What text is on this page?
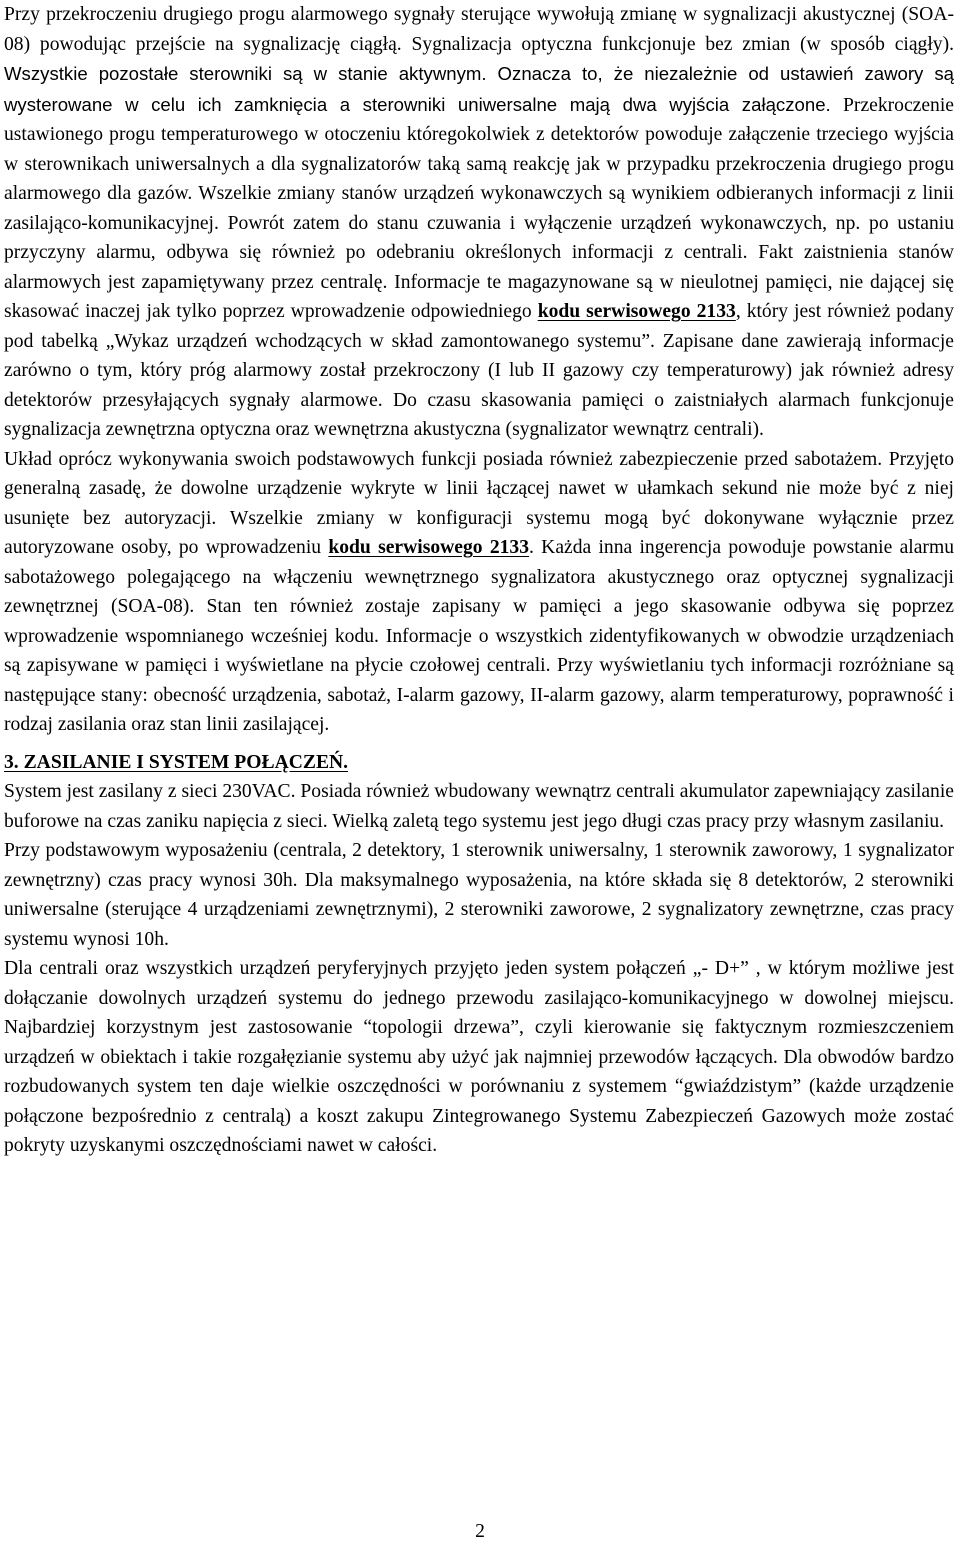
Przy przekroczeniu drugiego progu alarmowego sygnały sterujące wywołują zmianę w sygnalizacji akustycznej (SOA-08) powodując przejście na sygnalizację ciągłą. Sygnalizacja optyczna funkcjonuje bez zmian (w sposób ciągły). Wszystkie pozostałe sterowniki są w stanie aktywnym. Oznacza to, że niezależnie od ustawień zawory są wysterowane w celu ich zamknięcia a sterowniki uniwersalne mają dwa wyjścia załączone. Przekroczenie ustawionego progu temperaturowego w otoczeniu któregokolwiek z detektorów powoduje załączenie trzeciego wyjścia w sterownikach uniwersalnych a dla sygnalizatorów taką samą reakcję jak w przypadku przekroczenia drugiego progu alarmowego dla gazów. Wszelkie zmiany stanów urządzeń wykonawczych są wynikiem odbieranych informacji z linii zasilająco-komunikacyjnej. Powrót zatem do stanu czuwania i wyłączenie urządzeń wykonawczych, np. po ustaniu przyczyny alarmu, odbywa się również po odebraniu określonych informacji z centrali. Fakt zaistnienia stanów alarmowych jest zapamiętywany przez centralę. Informacje te magazynowane są w nieulotnej pamięci, nie dającej się skasować inaczej jak tylko poprzez wprowadzenie odpowiedniego kodu serwisowego 2133, który jest również podany pod tabelką „Wykaz urządzeń wchodzących w skład zamontowanego systemu”. Zapisane dane zawierają informacje zarówno o tym, który próg alarmowy został przekroczony (I lub II gazowy czy temperaturowy) jak również adresy detektorów przesyłających sygnały alarmowe. Do czasu skasowania pamięci o zaistniałych alarmach funkcjonuje sygnalizacja zewnętrzna optyczna oraz wewnętrzna akustyczna (sygnalizator wewnątrz centrali).

Układ oprócz wykonywania swoich podstawowych funkcji posiada również zabezpieczenie przed sabotażem. Przyjęto generalną zasadę, że dowolne urządzenie wykryte w linii łączącej nawet w ułamkach sekund nie może być z niej usunięte bez autoryzacji. Wszelkie zmiany w konfiguracji systemu mogą być dokonywane wyłącznie przez autoryzowane osoby, po wprowadzeniu kodu serwisowego 2133. Każda inna ingerencja powoduje powstanie alarmu sabotażowego polegającego na włączeniu wewnętrznego sygnalizatora akustycznego oraz optycznej sygnalizacji zewnętrznej (SOA-08). Stan ten również zostaje zapisany w pamięci a jego skasowanie odbywa się poprzez wprowadzenie wspomnianego wcześniej kodu. Informacje o wszystkich zidentyfikowanych w obwodzie urządzeniach są zapisywane w pamięci i wyświetlane na płycie czołowej centrali. Przy wyświetlaniu tych informacji rozróżniane są następujące stany: obecność urządzenia, sabotaż, I-alarm gazowy, II-alarm gazowy, alarm temperaturowy, poprawność i rodzaj zasilania oraz stan linii zasilającej.

3. ZASILANIE I SYSTEM POŁĄCZEŃ.

System jest zasilany z sieci 230VAC. Posiada również wbudowany wewnątrz centrali akumulator zapewniający zasilanie buforowe na czas zaniku napięcia z sieci. Wielką zaletą tego systemu jest jego długi czas pracy przy własnym zasilaniu.

Przy podstawowym wyposażeniu (centrala, 2 detektory, 1 sterownik uniwersalny, 1 sterownik zaworowy, 1 sygnalizator zewnętrzny) czas pracy wynosi 30h. Dla maksymalnego wyposażenia, na które składa się 8 detektorów, 2 sterowniki uniwersalne (sterujące 4 urządzeniami zewnętrznymi), 2 sterowniki zaworowe, 2 sygnalizatory zewnętrzne, czas pracy systemu wynosi 10h.

Dla centrali oraz wszystkich urządzeń peryferyjnych przyjęto jeden system połączeń „- D+” , w którym możliwe jest dołączanie dowolnych urządzeń systemu do jednego przewodu zasilająco-komunikacyjnego w dowolnej miejscu. Najbardziej korzystnym jest zastosowanie “topologii drzewa”, czyli kierowanie się faktycznym rozmieszczeniem urządzeń w obiektach i takie rozgałęzianie systemu aby użyć jak najmniej przewodów łączących. Dla obwodów bardzo rozbudowanych system ten daje wielkie oszczędności w porównaniu z systemem “gwiaździstym” (każde urządzenie połączone bezpośrednio z centralą) a koszt zakupu Zintegrowanego Systemu Zabezpieczeń Gazowych może zostać pokryty uzyskanymi oszczędnościami nawet w całości.

2
